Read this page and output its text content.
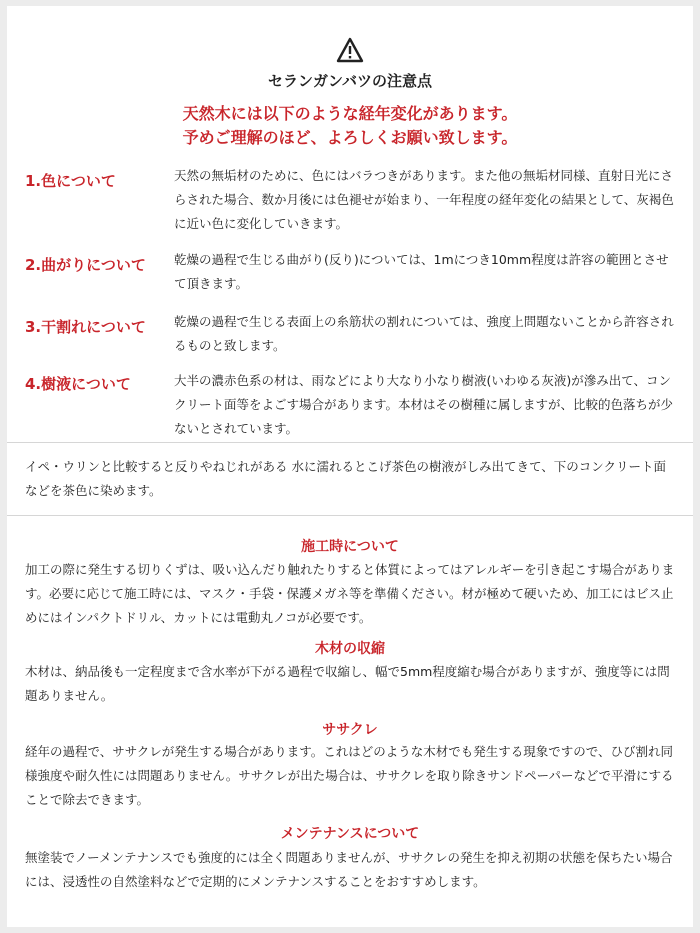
セランガンバツの注意点
天然木には以下のような経年変化があります。
予めご理解のほど、よろしくお願い致します。
1.色について	天然の無垢材のために、色にはバラつきがあります。また他の無垢材同様、直射日光にさらされた場合、数か月後には色褪せが始まり、一年程度の経年変化の結果として、灰褐色に近い色に変化していきます。
2.曲がりについて	乾燥の過程で生じる曲がり(反り)については、1mにつき10mm程度は許容の範囲とさせて頂きます。
3.干割れについて	乾燥の過程で生じる表面上の糸筋状の割れについては、強度上問題ないことから許容されるものと致します。
4.樹液について	大半の濃赤色系の材は、雨などにより大なり小なり樹液(いわゆる灰液)が滲み出て、コンクリート面等をよごす場合があります。本材はその樹種に属しますが、比較的色落ちが少ないとされています。
イペ・ウリンと比較すると反りやねじれがある 水に濡れるとこげ茶色の樹液がしみ出てきて、下のコンクリート面などを茶色に染めます。
施工時について
加工の際に発生する切りくずは、吸い込んだり触れたりすると体質によってはアレルギーを引き起こす場合があります。必要に応じて施工時には、マスク・手袋・保護メガネ等を準備ください。材が極めて硬いため、加工にはビス止めにはインパクトドリル、カットには電動丸ノコが必要です。
木材の収縮
木材は、納品後も一定程度まで含水率が下がる過程で収縮し、幅で5mm程度縮む場合がありますが、強度等には問題ありません。
ササクレ
経年の過程で、ササクレが発生する場合があります。これはどのような木材でも発生する現象ですので、ひび割れ同様強度や耐久性には問題ありません。ササクレが出た場合は、ササクレを取り除きサンドペーパーなどで平滑にすることで除去できます。
メンテナンスについて
無塗装でノーメンテナンスでも強度的には全く問題ありませんが、ササクレの発生を抑え初期の状態を保ちたい場合には、浸透性の自然塗料などで定期的にメンテナンスすることをおすすめします。
